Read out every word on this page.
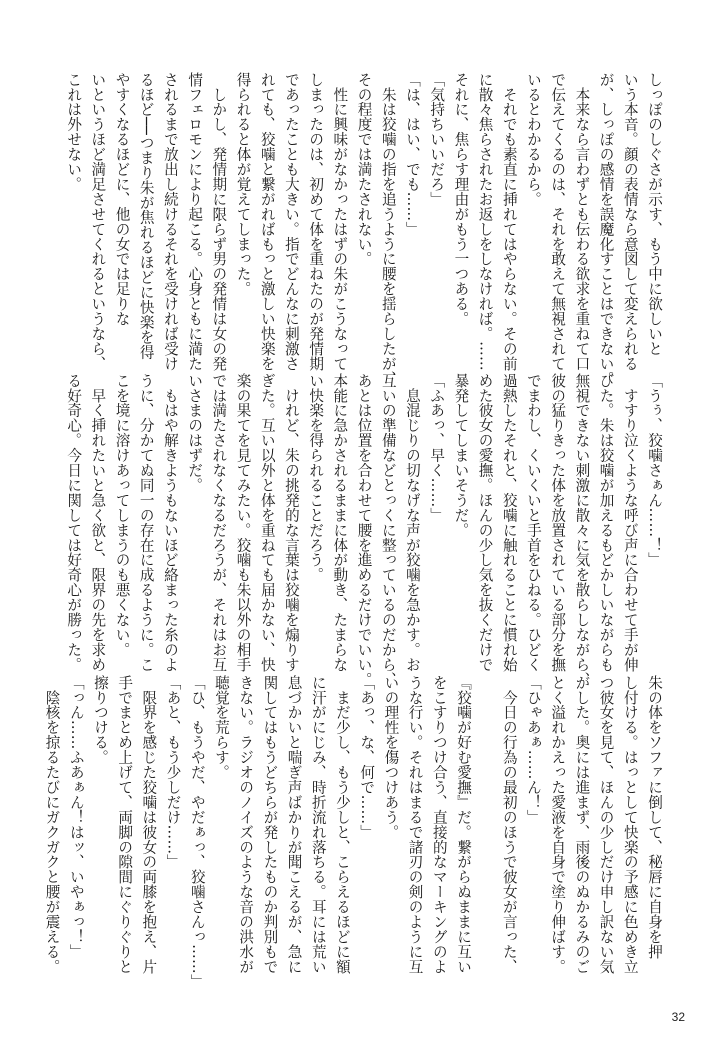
しっぽのしぐさが示す、もう中に欲しいと

いう本音。顔の表情なら意図して変えられる

が、しっぽの感情を誤魔化すことはできない。

　本来なら言わずとも伝わる欲求を重ねて口

で伝えてくるのは、それを敢えて無視されて

いるとわかるから。

　それでも素直に挿れてはやらない。その前

に散々焦らされたお返しをしなければ。……

それに、焦らす理由がもう一つある。

「気持ちいいだろ」

「は、はい、でも……」

　朱は狡噛の指を追うように腰を揺らしたが、

その程度では満たされない。

　性に興味がなかったはずの朱がこうなって

しまったのは、初めて体を重ねたのが発情期

であったことも大きい。指でどんなに刺激さ

れても、狡噛と繋がればもっと激しい快楽を

得られると体が覚えてしまった。

　しかし、発情期に限らず男の発情は女の発

情フェロモンにより起こる。心身ともに満た

されるまで放出し続けるそれを受ければ受け

るほど──つまり朱が焦れるほどに快楽を得

やすくなるほどに、他の女では足りな

いというほど満足させてくれるというなら、

これは外せない。

「うぅ、狡噛さぁん……！」

　すすり泣くような呼び声に合わせて手が伸

びた。朱は狡噛が加えるもどかしいながらも

無視できない刺激に散々に気を散らしながら、

彼の猛りきった体を放置されている部分を撫

でまわし、くいくいと手首をひねる。ひどく

過熱したそれと、狡噛に触れることに慣れ始

めた彼女の愛撫。ほんの少し気を抜くだけで

暴発してしまいそうだ。

「ふあっ、早く……」

　息混じりの切なげな声が狡噛を急かす。お

互いの準備などとっくに整っているのだから、

あとは位置を合わせて腰を進めるだけでいい。

本能に急かされるままに体が動き、たまらな

い快楽を得られることだろう。

　けれど、朱の挑発的な言葉は狡噛を煽りす

ぎた。互い以外と体を重ねても届かない、快

楽の果てを見てみたい。狡噛も朱以外の相手

では満たされなくなるだろうが、それはお互

いさまのはずだ。

　もはや解きようもないほど絡まった糸のよ

うに、分かてぬ同一の存在に成るように。こ

こを境に溶けあってしまうのも悪くない。

　早く挿れたいと急く欲と、限界の先を求め

る好奇心。今日に関しては好奇心が勝った。

朱の体をソファに倒して、秘唇に自身を押

し付ける。はっとして快楽の予感に色めき立

つ彼女を見て、ほんの少しだけ申し訳ない気

がした。奥には進まず、雨後のぬかるみのご

とく溢れかえった愛液を自身で塗り伸ばす。

「ひゃあぁ……ん！」

　今日の行為の最初のほうで彼女が言った、

『狡噛が好む愛撫』だ。繋がらぬままに互い

をこすりつけ合う、直接的なマーキングのよ

うな行い。それはまるで諸刃の剣のように互

いの理性を傷つけあう。

「あっ、な、何で……」

　まだ少し、もう少しと、こらえるほどに額

に汗がにじみ、時折流れ落ちる。耳には荒い

息づかいと喘ぎ声ばかりが聞こえるが、急に

関してはもうどちらが発したものか判別もで

きない。ラジオのノイズのような音の洪水が

聴覚を荒らす。

「ひ、もうやだ、やだぁっ、狡噛さんっ……」

「あと、もう少しだけ……」

　限界を感じた狡噛は彼女の両膝を抱え、片

手でまとめ上げて、両脚の隙間にぐりぐりと

擦りつける。

「っん……ふあぁん！はッ、いやぁっ！」

　陰核を掠るたびにガクガクと腰が震える。

32
